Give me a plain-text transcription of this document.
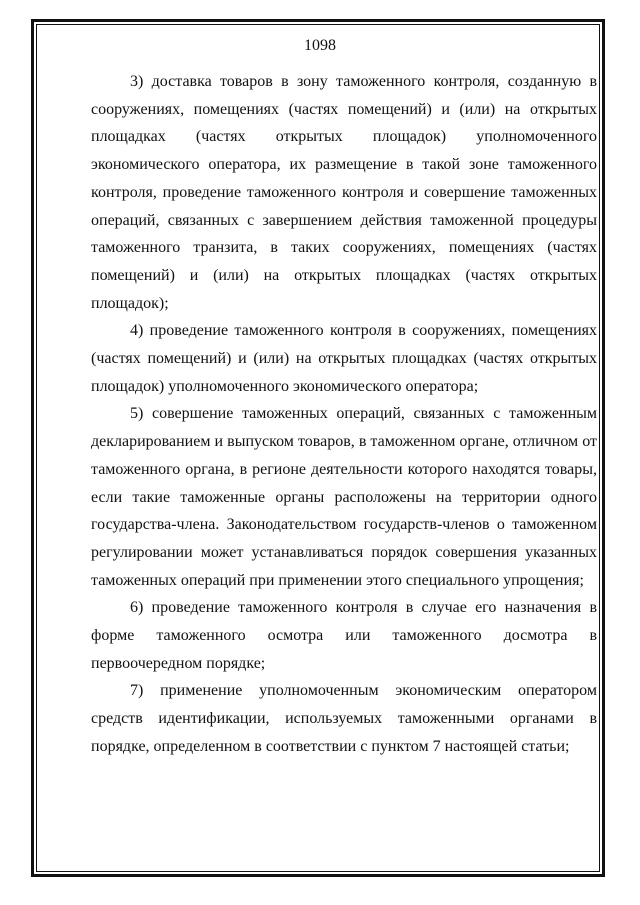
1098

3) доставка товаров в зону таможенного контроля, созданную в сооружениях, помещениях (частях помещений) и (или) на открытых площадках (частях открытых площадок) уполномоченного экономического оператора, их размещение в такой зоне таможенного контроля, проведение таможенного контроля и совершение таможенных операций, связанных с завершением действия таможенной процедуры таможенного транзита, в таких сооружениях, помещениях (частях помещений) и (или) на открытых площадках (частях открытых площадок);

4) проведение таможенного контроля в сооружениях, помещениях (частях помещений) и (или) на открытых площадках (частях открытых площадок) уполномоченного экономического оператора;

5) совершение таможенных операций, связанных с таможенным декларированием и выпуском товаров, в таможенном органе, отличном от таможенного органа, в регионе деятельности которого находятся товары, если такие таможенные органы расположены на территории одного государства-члена. Законодательством государств-членов о таможенном регулировании может устанавливаться порядок совершения указанных таможенных операций при применении этого специального упрощения;

6) проведение таможенного контроля в случае его назначения в форме таможенного осмотра или таможенного досмотра в первоочередном порядке;

7) применение уполномоченным экономическим оператором средств идентификации, используемых таможенными органами в порядке, определенном в соответствии с пунктом 7 настоящей статьи;
